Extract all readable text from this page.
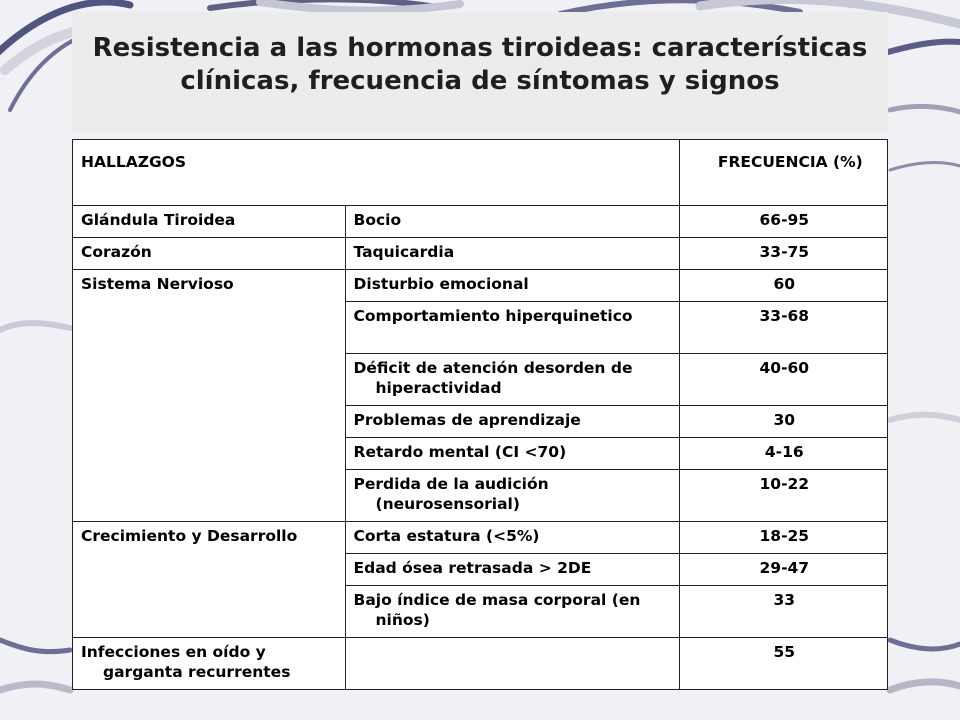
Resistencia a las hormonas tiroideas: características
clínicas, frecuencia de síntomas y signos
HALLAZGOS		FRECUENCIA (%)
Glándula Tiroidea	Bocio	66-95
Corazón	Taquicardia	33-75
Sistema Nervioso	Disturbio emocional	60
	Comportamiento hiperquinetico	33-68
	Déficit de atención desorden de hiperactividad	40-60
	Problemas de aprendizaje	30
	Retardo mental (CI <70)	4-16
	Perdida de la audición (neurosensorial)	10-22
Crecimiento y Desarrollo	Corta estatura (<5%)	18-25
	Edad ósea retrasada > 2DE	29-47
	Bajo índice de masa corporal (en niños)	33
Infecciones en oído y garganta recurrentes		55
